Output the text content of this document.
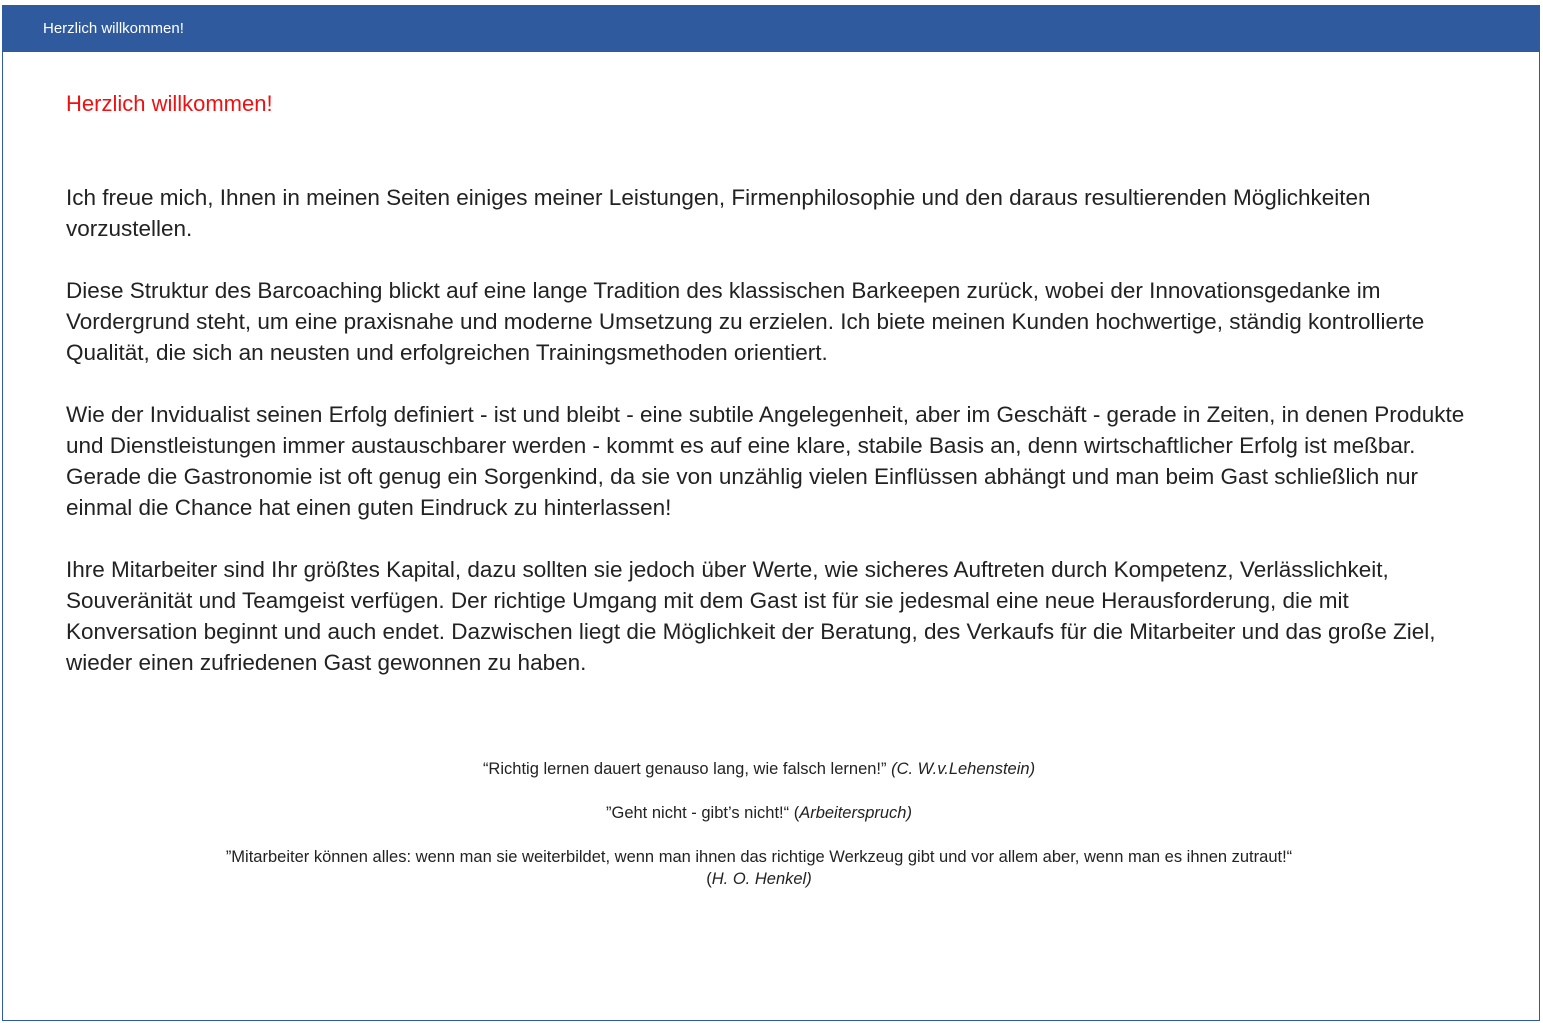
Herzlich willkommen!
Herzlich willkommen!

Ich freue mich, Ihnen in meinen Seiten einiges meiner Leistungen, Firmenphilosophie und den daraus resultierenden Möglichkeiten vorzustellen.

Diese Struktur des Barcoaching blickt auf eine lange Tradition des klassischen Barkeepen zurück, wobei der Innovationsgedanke im Vordergrund steht, um eine praxisnahe und moderne Umsetzung zu erzielen. Ich biete meinen Kunden hochwertige, ständig kontrollierte Qualität, die sich an neusten und erfolgreichen Trainingsmethoden orientiert.

Wie der Invidualist seinen Erfolg definiert - ist und bleibt - eine subtile Angelegenheit, aber im Geschäft - gerade in Zeiten, in denen Produkte und Dienstleistungen immer austauschbarer werden - kommt es auf eine klare, stabile Basis an, denn wirtschaftlicher Erfolg ist meßbar.

Gerade die Gastronomie ist oft genug ein Sorgenkind, da sie von unzählig vielen Einflüssen abhängt und man beim Gast schließlich nur einmal die Chance hat einen guten Eindruck zu hinterlassen!

Ihre Mitarbeiter sind Ihr größtes Kapital, dazu sollten sie jedoch über Werte, wie sicheres Auftreten durch Kompetenz, Verlässlichkeit, Souveränität und Teamgeist verfügen. Der richtige Umgang mit dem Gast ist für sie jedesmal eine neue Herausforderung, die mit Konversation beginnt und auch endet. Dazwischen liegt die Möglichkeit der Beratung, des Verkaufs für die Mitarbeiter und das große Ziel, wieder einen zufriedenen Gast gewonnen zu haben.

“Richtig lernen dauert genauso lang, wie falsch lernen!” (C. W.v.Lehenstein)

”Geht nicht - gibt’s nicht!“ (Arbeiterspruch)

”Mitarbeiter können alles: wenn man sie weiterbildet, wenn man ihnen das richtige Werkzeug gibt und vor allem aber, wenn man es ihnen zutraut!“
(H. O. Henkel)
